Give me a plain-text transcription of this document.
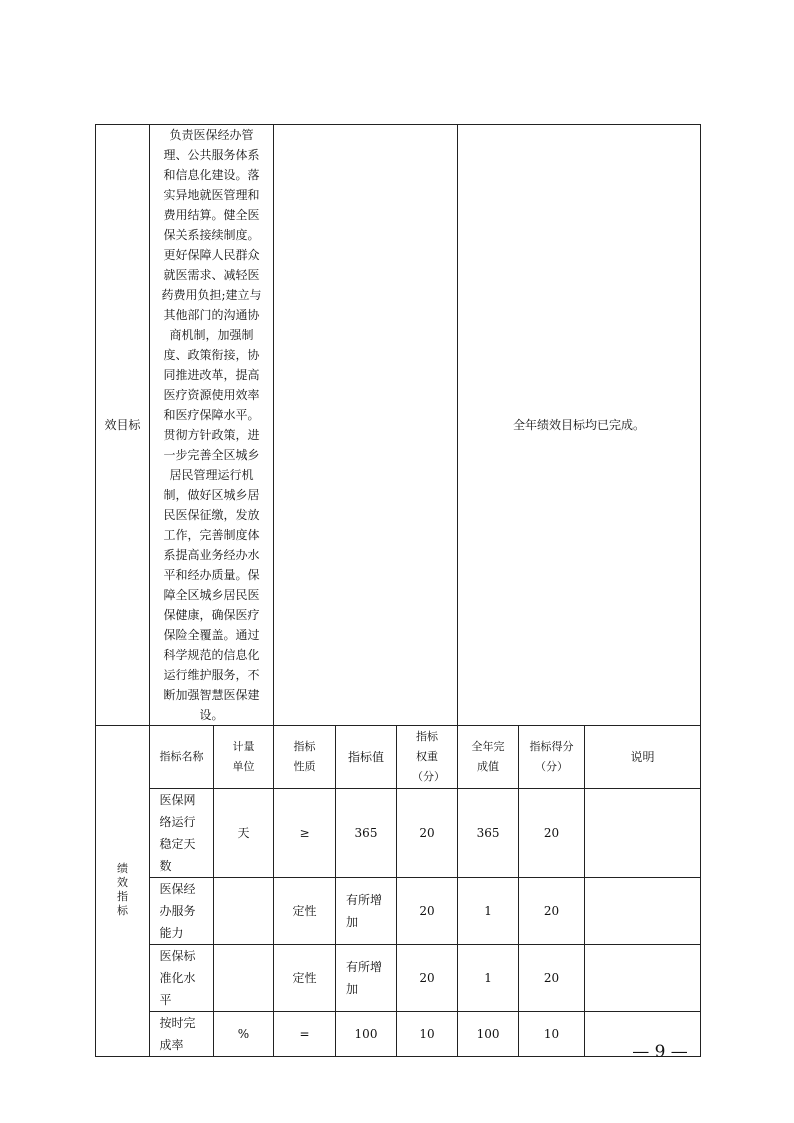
效目标	负责医保经办管理、公共服务体系和信息化建设。落实异地就医管理和费用结算。健全医保关系接续制度。更好保障人民群众就医需求、减轻医药费用负担;建立与其他部门的沟通协商机制，加强制度、政策衔接，协同推进改革，提高医疗资源使用效率和医疗保障水平。贯彻方针政策，进一步完善全区城乡居民管理运行机制，做好区城乡居民医保征缴，发放工作，完善制度体系提高业务经办水平和经办质量。保障全区城乡居民医保健康，确保医疗保险全覆盖。通过科学规范的信息化运行维护服务，不断加强智慧医保建设。					全年绩效目标均已完成。		
绩效指标	指标名称	计量单位	指标性质	指标值	指标权重（分）	全年完成值	指标得分（分）	说明

	医保网络运行稳定天数	天	≥	365	20	365	20	

	医保经办服务能力		定性	有所增加	20	1	20	

	医保标准化水平		定性	有所增加	20	1	20	

	按时完成率	%	=	100	10	100	10	
— 9 —
